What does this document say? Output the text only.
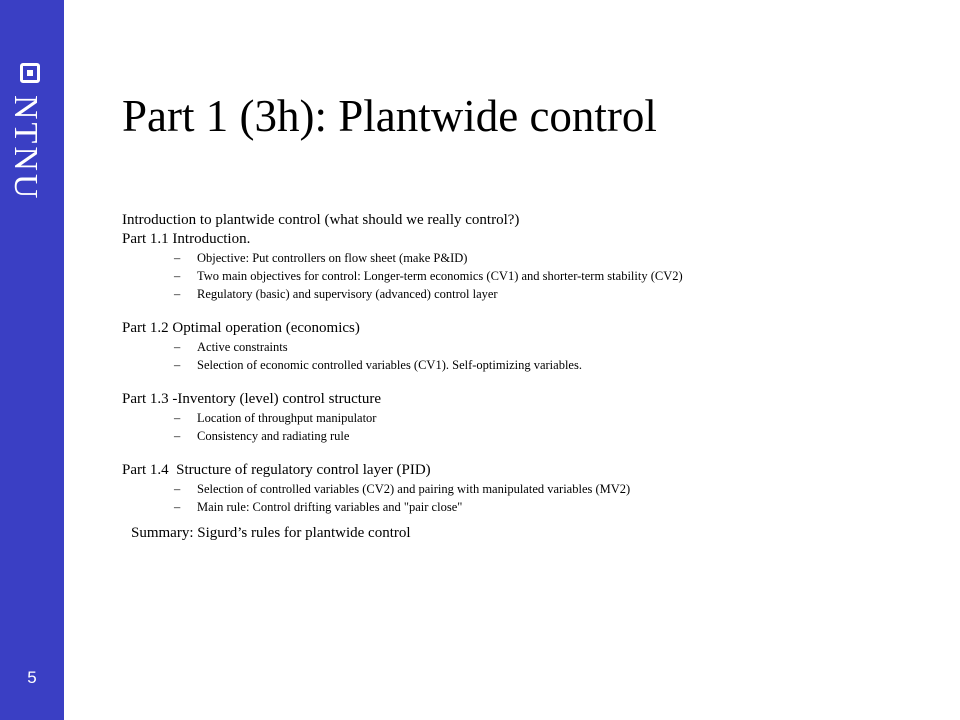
NTNU
5
Part 1 (3h): Plantwide control
Introduction to plantwide control (what should we really control?)
Part 1.1 Introduction.
– Objective: Put controllers on flow sheet (make P&ID)
– Two main objectives for control: Longer-term economics (CV1) and shorter-term stability (CV2)
– Regulatory (basic) and supervisory (advanced) control layer
Part 1.2 Optimal operation (economics)
– Active constraints
– Selection of economic controlled variables (CV1). Self-optimizing variables.
Part 1.3 -Inventory (level) control structure
– Location of throughput manipulator
– Consistency and radiating rule
Part 1.4  Structure of regulatory control layer (PID)
– Selection of controlled variables (CV2) and pairing with manipulated variables (MV2)
– Main rule: Control drifting variables and "pair close"
Summary: Sigurd’s rules for plantwide control
